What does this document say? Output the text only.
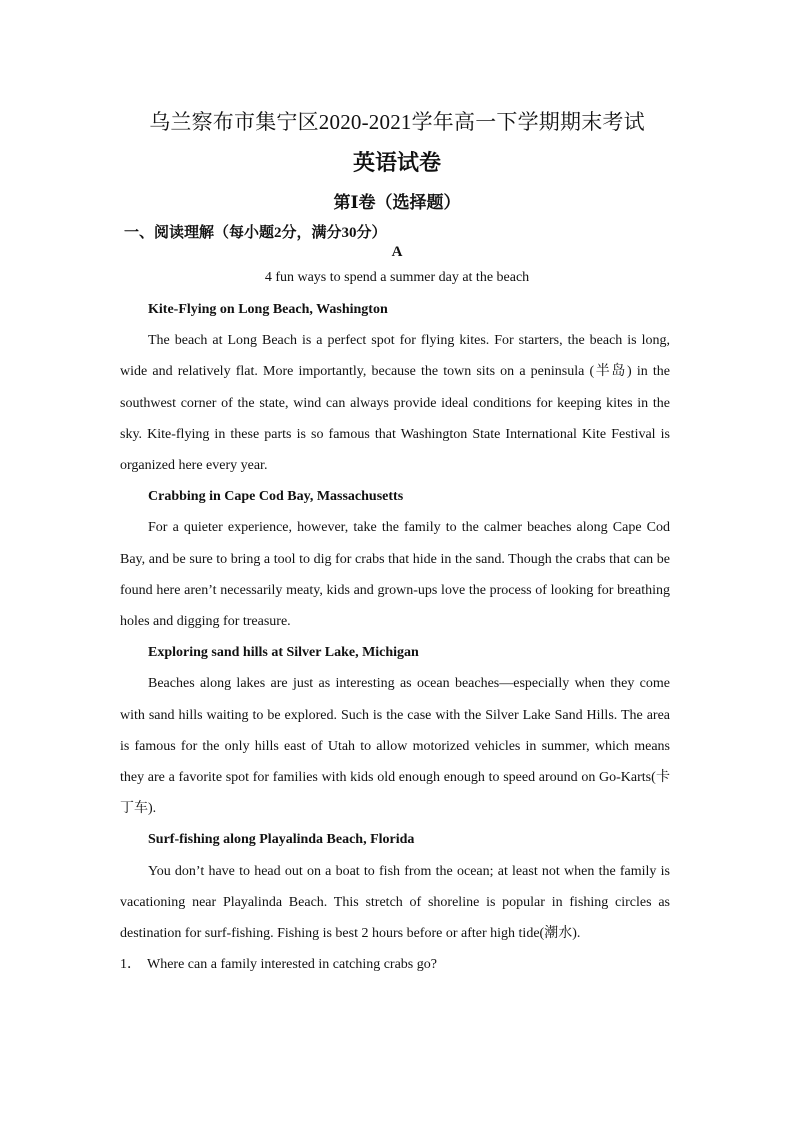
乌兰察布市集宁区2020-2021学年高一下学期期末考试
英语试卷
第Ⅰ卷（选择题）
一、阅读理解（每小题2分，满分30分）
A
4 fun ways to spend a summer day at the beach
Kite-Flying on Long Beach, Washington

The beach at Long Beach is a perfect spot for flying kites. For starters, the beach is long, wide and relatively flat. More importantly, because the town sits on a peninsula (半岛) in the southwest corner of the state, wind can always provide ideal conditions for keeping kites in the sky. Kite-flying in these parts is so famous that Washington State International Kite Festival is organized here every year.

Crabbing in Cape Cod Bay, Massachusetts

For a quieter experience, however, take the family to the calmer beaches along Cape Cod Bay, and be sure to bring a tool to dig for crabs that hide in the sand. Though the crabs that can be found here aren’t necessarily meaty, kids and grown-ups love the process of looking for breathing holes and digging for treasure.

Exploring sand hills at Silver Lake, Michigan

Beaches along lakes are just as interesting as ocean beaches—especially when they come with sand hills waiting to be explored. Such is the case with the Silver Lake Sand Hills. The area is famous for the only hills east of Utah to allow motorized vehicles in summer, which means they are a favorite spot for families with kids old enough enough to speed around on Go-Karts(卡丁车).

Surf-fishing along Playalinda Beach, Florida

You don’t have to head out on a boat to fish from the ocean; at least not when the family is vacationing near Playalinda Beach. This stretch of shoreline is popular in fishing circles as destination for surf-fishing. Fishing is best 2 hours before or after high tide(潮水).

1． Where can a family interested in catching crabs go?
